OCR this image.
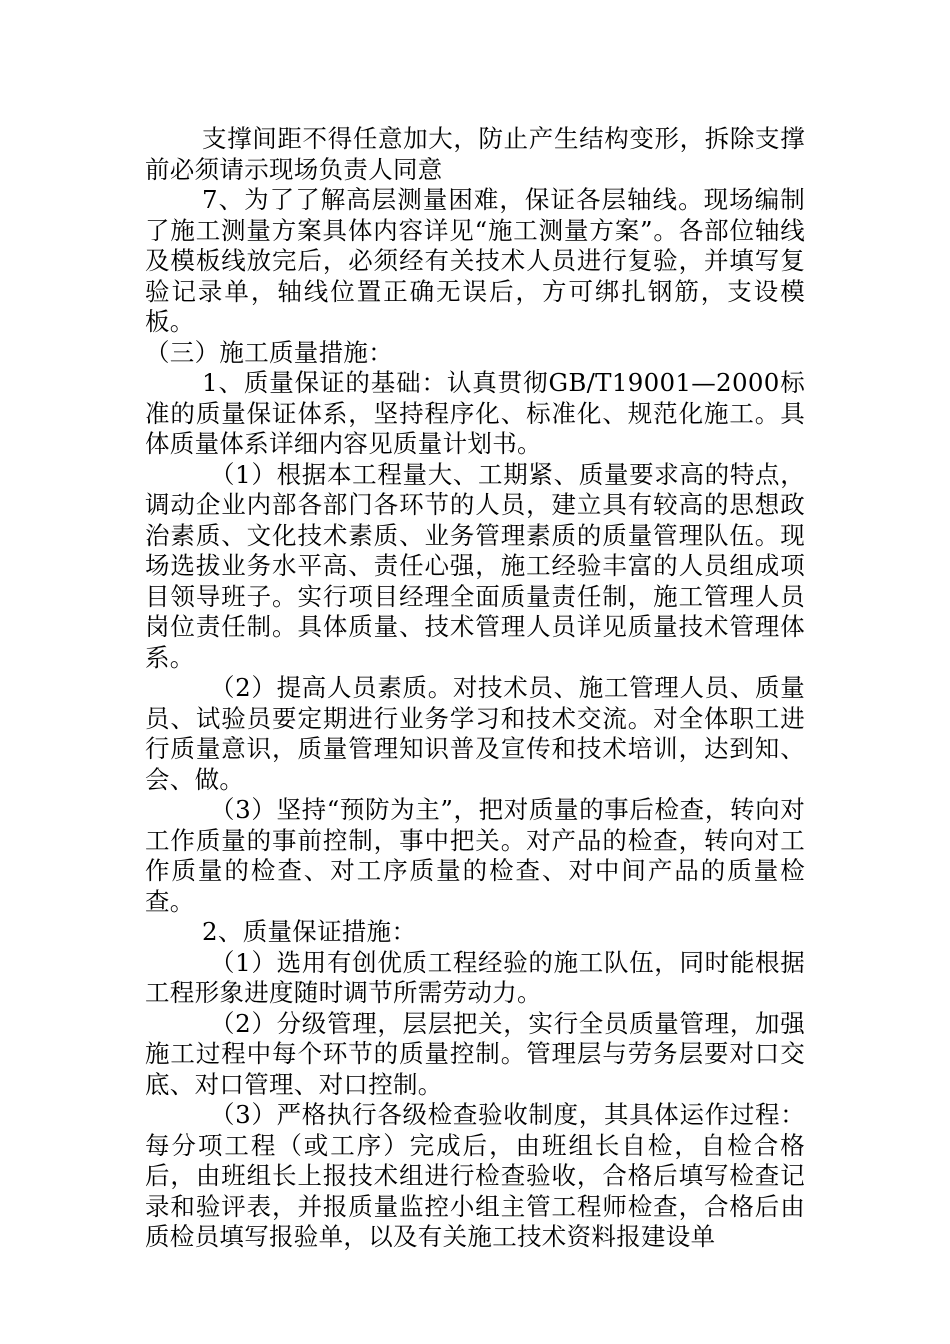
支撑间距不得任意加大，防止产生结构变形，拆除支撑前必须请示现场负责人同意

7、为了了解高层测量困难，保证各层轴线。现场编制了施工测量方案具体内容详见“施工测量方案”。各部位轴线及模板线放完后，必须经有关技术人员进行复验，并填写复验记录单，轴线位置正确无误后，方可绑扎钢筋，支设模板。

（三）施工质量措施：

1、质量保证的基础：认真贯彻GB/T19001—2000标准的质量保证体系，坚持程序化、标准化、规范化施工。具体质量体系详细内容见质量计划书。

（1）根据本工程量大、工期紧、质量要求高的特点，调动企业内部各部门各环节的人员，建立具有较高的思想政治素质、文化技术素质、业务管理素质的质量管理队伍。现场选拔业务水平高、责任心强，施工经验丰富的人员组成项目领导班子。实行项目经理全面质量责任制，施工管理人员岗位责任制。具体质量、技术管理人员详见质量技术管理体系。

（2）提高人员素质。对技术员、施工管理人员、质量员、试验员要定期进行业务学习和技术交流。对全体职工进行质量意识，质量管理知识普及宣传和技术培训，达到知、会、做。

（3）坚持“预防为主”，把对质量的事后检查，转向对工作质量的事前控制，事中把关。对产品的检查，转向对工作质量的检查、对工序质量的检查、对中间产品的质量检查。

2、质量保证措施：

（1）选用有创优质工程经验的施工队伍，同时能根据工程形象进度随时调节所需劳动力。

（2）分级管理，层层把关，实行全员质量管理，加强施工过程中每个环节的质量控制。管理层与劳务层要对口交底、对口管理、对口控制。

（3）严格执行各级检查验收制度，其具体运作过程：每分项工程（或工序）完成后，由班组长自检，自检合格后，由班组长上报技术组进行检查验收，合格后填写检查记录和验评表，并报质量监控小组主管工程师检查，合格后由质检员填写报验单，以及有关施工技术资料报建设单
